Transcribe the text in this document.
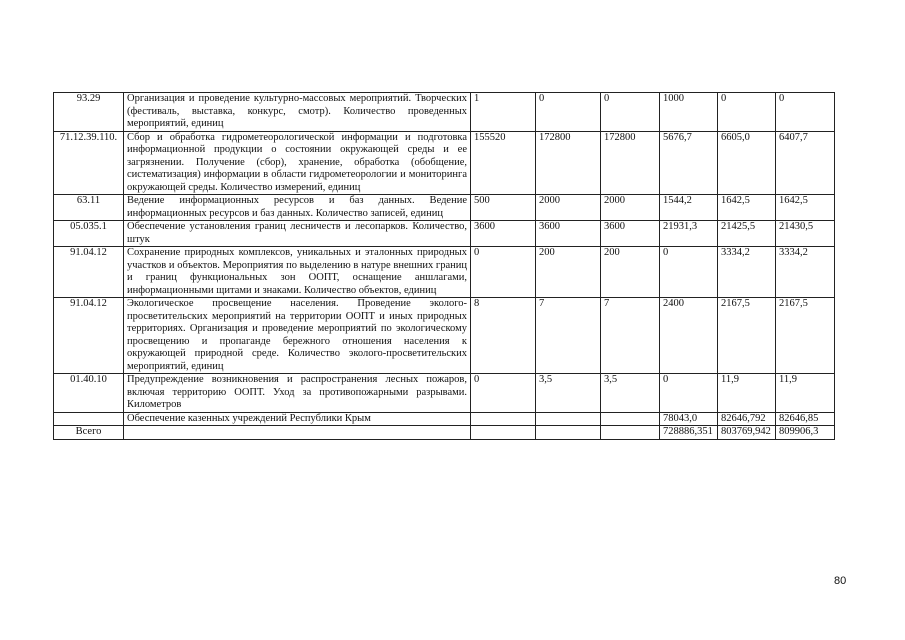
93.29	Организация и проведение культурно-массовых мероприятий. Творческих (фестиваль, выставка, конкурс, смотр). Количество проведенных мероприятий, единиц	1	0	0	1000	0	0
71.12.39.110.	Сбор и обработка гидрометеорологической информации и подготовка информационной продукции о состоянии окружающей среды и ее загрязнении. Получение (сбор), хранение, обработка (обобщение, систематизация) информации в области гидрометеорологии и мониторинга окружающей среды. Количество измерений, единиц	155520	172800	172800	5676,7	6605,0	6407,7
63.11	Ведение информационных ресурсов и баз данных. Ведение информационных ресурсов и баз данных. Количество записей, единиц	500	2000	2000	1544,2	1642,5	1642,5
05.035.1	Обеспечение установления границ лесничеств и лесопарков. Количество, штук	3600	3600	3600	21931,3	21425,5	21430,5
91.04.12	Сохранение природных комплексов, уникальных и эталонных природных участков и объектов. Мероприятия по выделению в натуре внешних границ и границ функциональных зон ООПТ, оснащение аншлагами, информационными щитами и знаками. Количество объектов, единиц	0	200	200	0	3334,2	3334,2
91.04.12	Экологическое просвещение населения. Проведение эколого-просветительских мероприятий на территории ООПТ и иных природных территориях. Организация и проведение мероприятий по экологическому просвещению и пропаганде бережного отношения населения к окружающей природной среде. Количество эколого-просветительских мероприятий, единиц	8	7	7	2400	2167,5	2167,5
01.40.10	Предупреждение возникновения и распространения лесных пожаров, включая территорию ООПТ. Уход за противопожарными разрывами. Километров	0	3,5	3,5	0	11,9	11,9
	Обеспечение казенных учреждений Республики Крым				78043,0	82646,792	82646,85
Всего					728886,351	803769,942	809906,3
80
